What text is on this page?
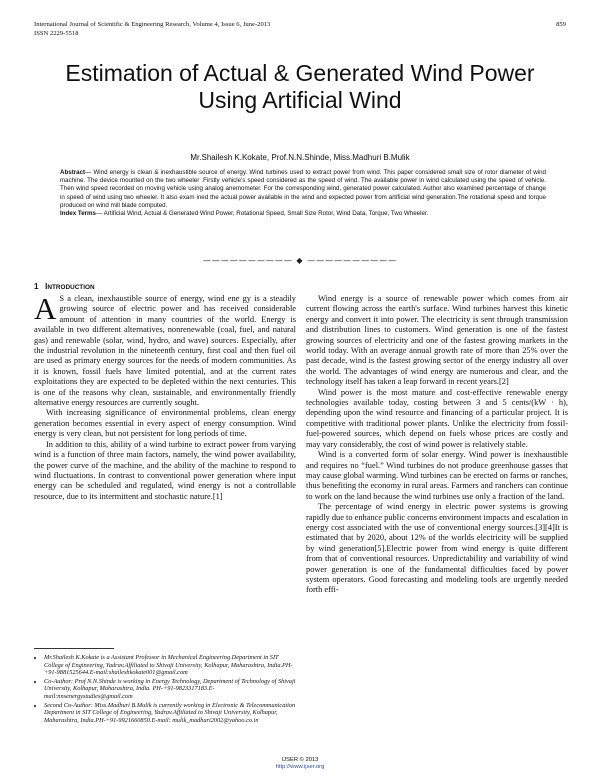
International Journal of Scientific & Engineering Research, Volume 4, Issue 6, June-2013
ISSN 2229-5518
859
Estimation of Actual & Generated Wind Power
Using Artificial Wind
Mr.Shailesh K.Kokate, Prof.N.N.Shinde, Miss.Madhuri B.Mulik

Abstract— Wind energy is clean & inexhaustible source of energy. Wind turbines used to extract power from wind. This paper considered small size of rotor diameter of wind machine. The device mounted on the two wheeler .Firstly vehicle's speed considered as the speed of wind. The available power in wind calculated using the speed of vehicle. Then wind speed recorded on moving vehicle using analog anemometer. For the corresponding wind, generated power calculated. Author also examined percentage of change in speed of wind using two wheeler. It also exam ined the actual power available in the wind and expected power from artificial wind generation.The rotational speed and torque produced on wind mill blade computed.

Index Terms— Artificial Wind, Actual & Generated Wind Power, Rotational Speed, Small Size Rotor, Wind Data, Torque, Two Wheeler.

—————————— ◆ ——————————
1 INTRODUCTION

A S a clean, inexhaustible source of energy, wind ene gy is a steadily growing source of electric power and has received considerable amount of attention in many countries of the world. Energy is available in two different alternatives, nonrenewable (coal, fuel, and natural gas) and renewable (solar, wind, hydro, and wave) sources. Especially, after the industrial revolution in the nineteenth century, first coal and then fuel oil are used as primary energy sources for the needs of modern communities. As it is known, fossil fuels have limited potential, and at the current rates exploitations they are expected to be depleted within the next centuries. This is one of the reasons why clean, sustainable, and environmentally friendly alternative energy resources are currently sought.

With increasing significance of environmental problems, clean energy generation becomes essential in every aspect of energy consumption. Wind energy is very clean, but not persistent for long periods of time.

In addition to this, ability of a wind turbine to extract power from varying wind is a function of three main factors, namely, the wind power availability, the power curve of the machine, and the ability of the machine to respond to wind fluctuations. In contrast to conventional power generation where input energy can be scheduled and regulated, wind energy is not a controllable resource, due to its intermittent and stochastic nature.[1]

• Mr.Shailesh K.Kokate is a Assistant Professor in Mechanical Engineering Department in SIT College of Engineering, Yadrav.Affiliated to Shivaji University, Kolhapur, Maharashtra, India.PH-+91-9881525644.E-mail:shaileshkokate001@gmail.com
• Co-Author: Prof N.N.Shinde is working in Energy Technology, Department of Technology of Shivaji University, Kolhapur, Maharashtra, India. PH-+91-9823317183.E-mail:nnsenergystudies@gmail.com
• Second Co-Author: Miss.Madhuri B.Mulik is currently working in Electronic & Telecommunication Department in SIT College of Engineering, Yadrav.Affiliated to Shivaji University, Kolhapur, Maharashtra, India.PH-+91-9921660850.E-mail: mulik_madhuri2002@yahoo.co.in

Wind energy is a source of renewable power which comes from air current flowing across the earth's surface. Wind turbines harvest this kinetic energy and convert it into power. The electricity is sent through transmission and distribution lines to customers. Wind generation is one of the fastest growing sources of electricity and one of the fastest growing markets in the world today. With an average annual growth rate of more than 25% over the past decade, wind is the fastest growing sector of the energy industry all over the world. The advantages of wind energy are numerous and clear, and the technology itself has taken a leap forward in recent years.[2]

Wind power is the most mature and cost-effective renewable energy technologies available today, costing between 3 and 5 cents/(kW · h), depending upon the wind resource and financing of a particular project. It is competitive with traditional power plants. Unlike the electricity from fossil-fuel-powered sources, which depend on fuels whose prices are costly and may vary considerably, the cost of wind power is relatively stable.

Wind is a converted form of solar energy. Wind power is inexhaustible and requires no “fuel.” Wind turbines do not produce greenhouse gasses that may cause global warming. Wind turbines can be erected on farms or ranches, thus benefiting the economy in rural areas. Farmers and ranchers can continue to work on the land because the wind turbines use only a fraction of the land.

The percentage of wind energy in electric power systems is growing rapidly due to enhance public concerns environment impacts and escalation in energy cost associated with the use of conventional energy sources.[3][4]It is estimated that by 2020, about 12% of the worlds electricity will be supplied by wind generation[5].Electric power from wind energy is quite different from that of conventional resources. Unpredictability and variability of wind power generation is one of the fundamental difficulties faced by power system operators. Good forecasting and modeling tools are urgently needed forth effi-

IJSER © 2013
http://www.ijser.org
